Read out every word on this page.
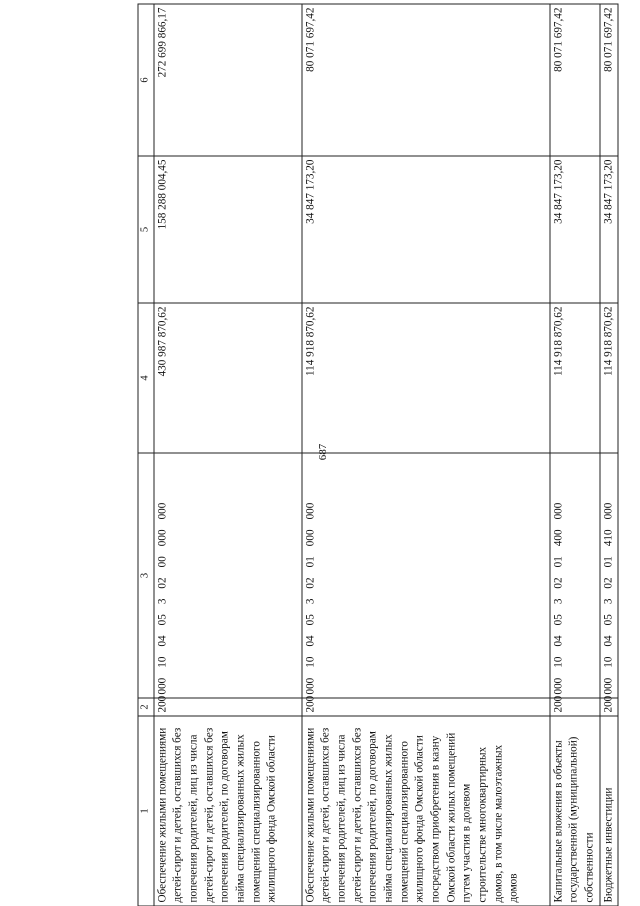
687
1	2	3	4	5	6
Обеспечение жилыми помещениями детей-сирот и детей, оставшихся без попечения родителей, лиц из числа детей-сирот и детей, оставшихся без попечения родителей, по договорам найма специализированных жилых помещений специализированного жилищного фонда Омской области	200	00010040530200000000	430 987 870,62	158 288 004,45	272 699 866,17
Обеспечение жилыми помещениями детей-сирот и детей, оставшихся без попечения родителей, лиц из числа детей-сирот и детей, оставшихся без попечения родителей, по договорам найма специализированных жилых помещений специализированного жилищного фонда Омской области посредством приобретения в казну Омской области жилых помещений путем участия в долевом строительстве многоквартирных домов, в том числе малоэтажных домов	200	00010040530201000000	114 918 870,62	34 847 173,20	80 071 697,42
Капитальные вложения в объекты государственной (муниципальной) собственности	200	00010040530201400000	114 918 870,62	34 847 173,20	80 071 697,42
Бюджетные инвестиции	200	00010040530201410000	114 918 870,62	34 847 173,20	80 071 697,42
